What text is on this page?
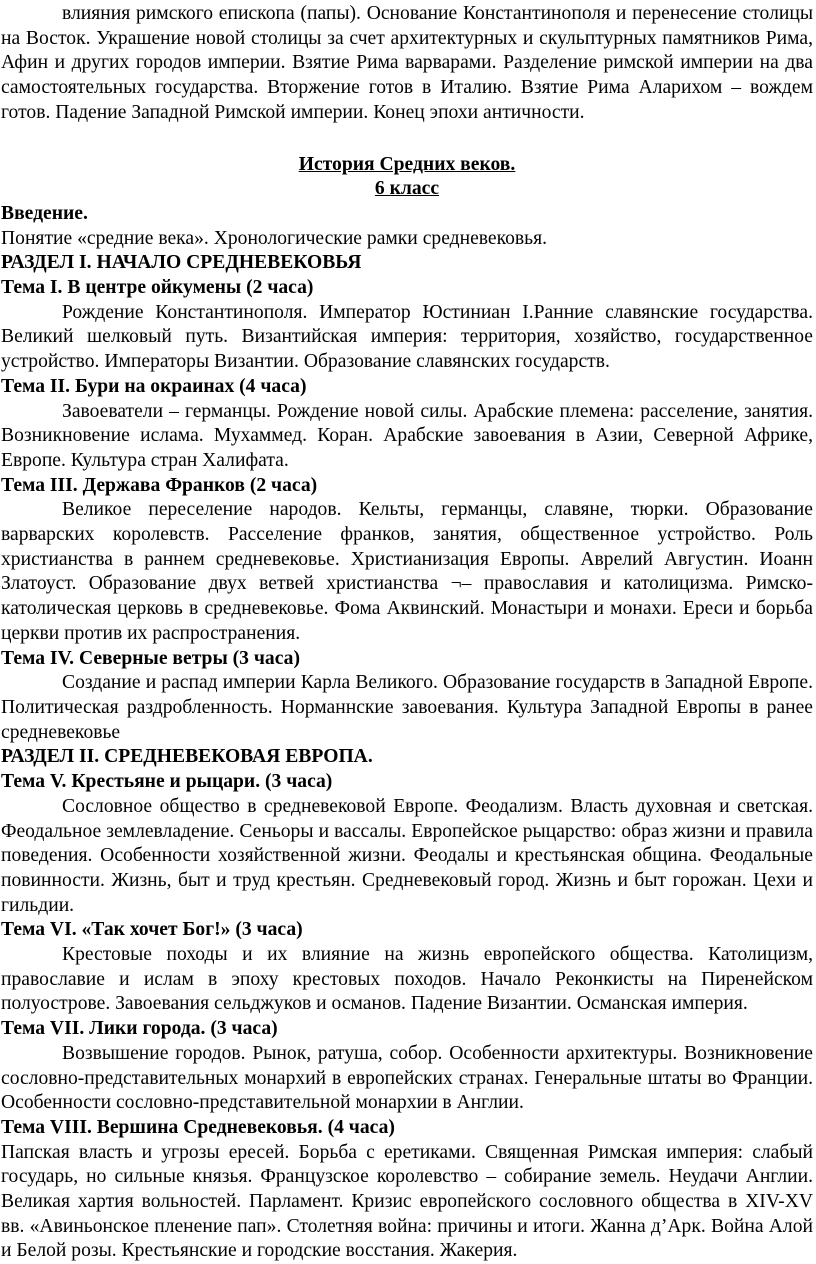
влияния римского епископа (папы). Основание Константинополя и перенесение столицы на Восток. Украшение новой столицы за счет архитектурных и скульптурных памятников Рима, Афин и других городов империи. Взятие Рима варварами. Разделение римской империи на два самостоятельных государства. Вторжение готов в Италию. Взятие Рима Аларихом – вождем готов. Падение Западной Римской империи. Конец эпохи античности.

История Средних веков.

6 класс

Введение.

Понятие «средние века». Хронологические рамки средневековья.

РАЗДЕЛ I. НАЧАЛО СРЕДНЕВЕКОВЬЯ

Тема I. В центре ойкумены (2 часа)

Рождение Константинополя. Император Юстиниан I.Ранние славянские государства. Великий шелковый путь. Византийская империя: территория, хозяйство, государственное устройство. Императоры Византии. Образование славянских государств.

Тема II. Бури на окраинах (4 часа)

Завоеватели – германцы. Рождение новой силы. Арабские племена: расселение, занятия. Возникновение ислама. Мухаммед. Коран. Арабские завоевания в Азии, Северной Африке, Европе. Культура стран Халифата.

Тема III. Держава Франков (2 часа)

Великое переселение народов. Кельты, германцы, славяне, тюрки. Образование варварских королевств. Расселение франков, занятия, общественное устройство. Роль христианства в раннем средневековье. Христианизация Европы. Аврелий Августин. Иоанн Златоуст. Образование двух ветвей христианства ¬– православия и католицизма. Римско-католическая церковь в средневековье. Фома Аквинский. Монастыри и монахи. Ереси и борьба церкви против их распространения.

Тема IV. Северные ветры (3 часа)

Создание и распад империи Карла Великого. Образование государств в Западной Европе. Политическая раздробленность. Норманнские завоевания. Культура Западной Европы в ранее средневековье

РАЗДЕЛ II. СРЕДНЕВЕКОВАЯ ЕВРОПА.

Тема V. Крестьяне и рыцари. (3 часа)

Сословное общество в средневековой Европе. Феодализм. Власть духовная и светская. Феодальное землевладение. Сеньоры и вассалы. Европейское рыцарство: образ жизни и правила поведения. Особенности хозяйственной жизни. Феодалы и крестьянская община. Феодальные повинности. Жизнь, быт и труд крестьян. Средневековый город. Жизнь и быт горожан. Цехи и гильдии.

Тема VI. «Так хочет Бог!» (3 часа)

Крестовые походы и их влияние на жизнь европейского общества. Католицизм, православие и ислам в эпоху крестовых походов. Начало Реконкисты на Пиренейском полуострове. Завоевания сельджуков и османов. Падение Византии. Османская империя.

Тема VII. Лики города. (3 часа)

Возвышение городов. Рынок, ратуша, собор. Особенности архитектуры. Возникновение сословно-представительных монархий в европейских странах. Генеральные штаты во Франции. Особенности сословно-представительной монархии в Англии.

Тема VIII. Вершина Средневековья. (4 часа)

Папская власть и угрозы ересей. Борьба с еретиками. Священная Римская империя: слабый государь, но сильные князья. Французское королевство – собирание земель. Неудачи Англии. Великая хартия вольностей. Парламент. Кризис европейского сословного общества в XIV-XV вв. «Авиньонское пленение пап». Столетняя война: причины и итоги. Жанна д’Арк. Война Алой и Белой розы. Крестьянские и городские восстания. Жакерия.
